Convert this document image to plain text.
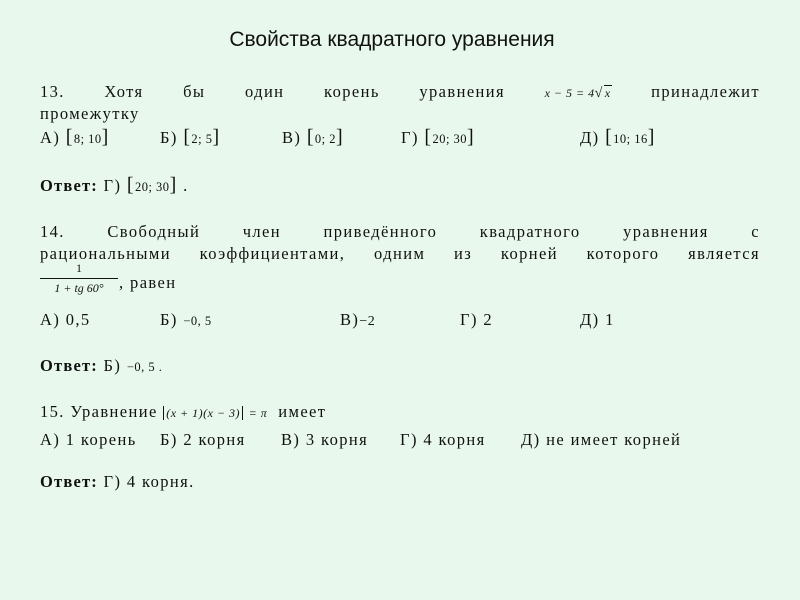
Свойства квадратного уравнения
13. Хотя бы один корень уравнения	x − 5 = 4√x принадлежит
промежутку
А) [8; 10]	Б) [2; 5]	В) [0; 2]	Г) [20; 30]	Д) [10; 16]
Ответ: Г) [20; 30] .
14.	Свободный	член	приведённого	квадратного	уравнения	с
рациональными коэффициентами, одним из корней которого является
$\frac{1}{1 + tg 60^\circ}$ , равен
А) 0,5	Б) −0, 5	В)−2	Г) 2	Д) 1
Ответ: Б) −0, 5 .
15. Уравнение (x + 1)(x − 3) = π имеет
А) 1 корень Б) 2 корня В) 3 корня Г) 4 корня Д) не имеет корней
Ответ: Г) 4 корня.
